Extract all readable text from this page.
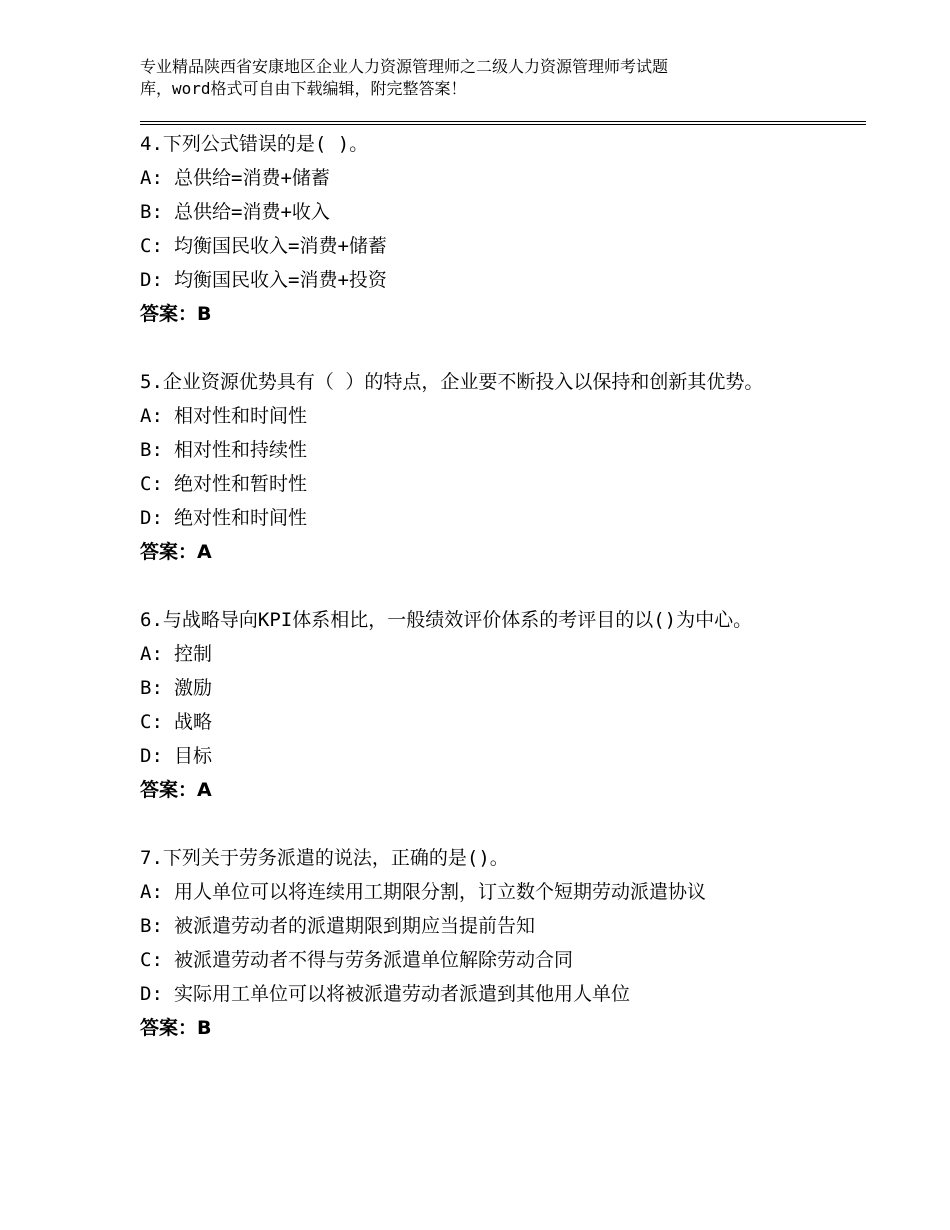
专业精品陕西省安康地区企业人力资源管理师之二级人力资源管理师考试题
库，word格式可自由下载编辑，附完整答案！
4.下列公式错误的是( )。
A: 总供给=消费+储蓄
B: 总供给=消费+收入
C: 均衡国民收入=消费+储蓄
D: 均衡国民收入=消费+投资
答案：B
5.企业资源优势具有（ ）的特点，企业要不断投入以保持和创新其优势。
A: 相对性和时间性
B: 相对性和持续性
C: 绝对性和暂时性
D: 绝对性和时间性
答案：A
6.与战略导向KPI体系相比，一般绩效评价体系的考评目的以()为中心。
A: 控制
B: 激励
C: 战略
D: 目标
答案：A
7.下列关于劳务派遣的说法，正确的是()。
A: 用人单位可以将连续用工期限分割，订立数个短期劳动派遣协议
B: 被派遣劳动者的派遣期限到期应当提前告知
C: 被派遣劳动者不得与劳务派遣单位解除劳动合同
D: 实际用工单位可以将被派遣劳动者派遣到其他用人单位
答案：B
